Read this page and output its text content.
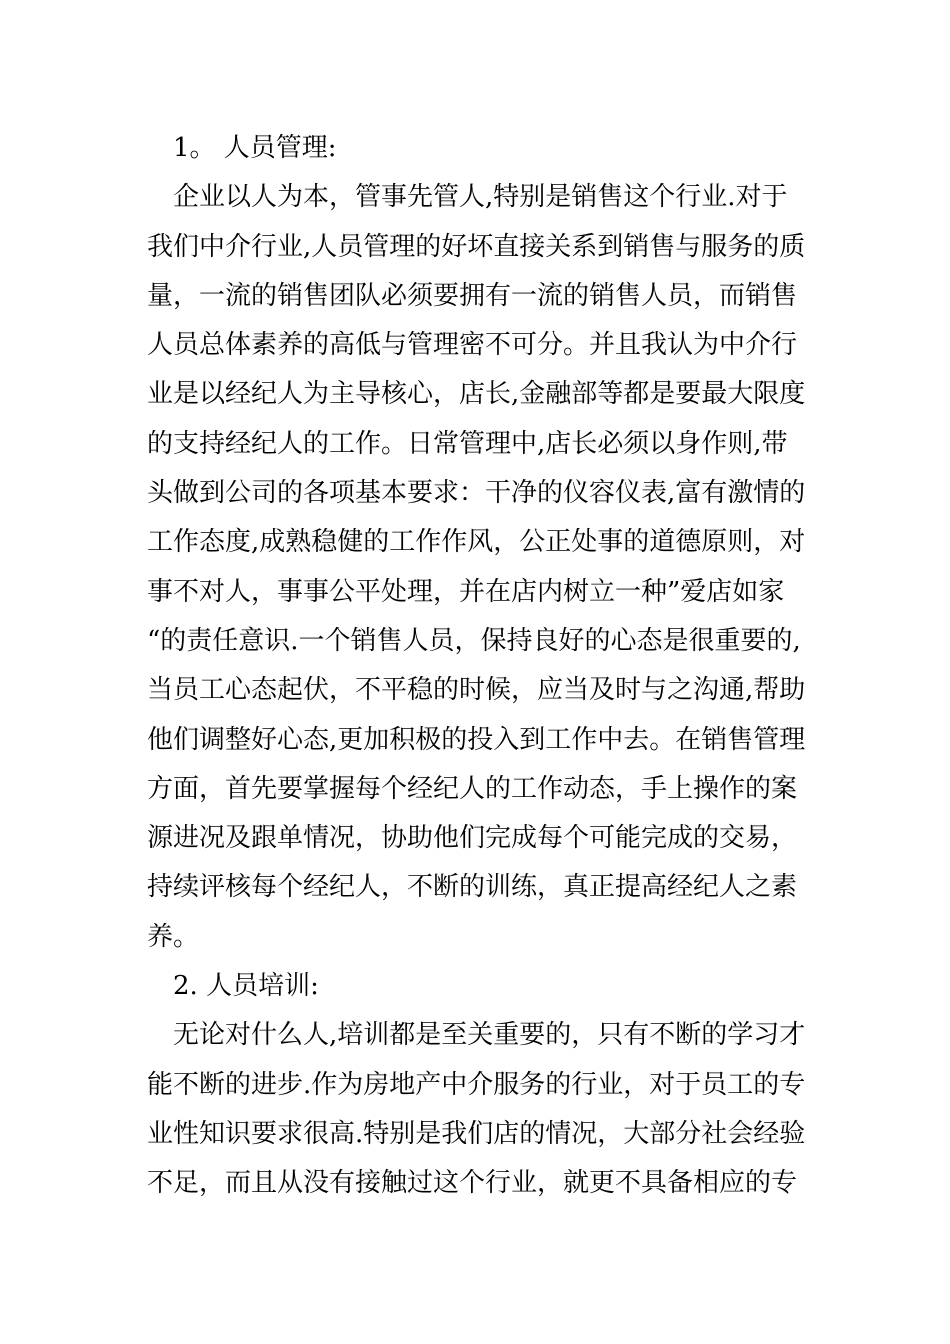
1。 人员管理:
企业以人为本，管事先管人,特别是销售这个行业.对于
我们中介行业,人员管理的好坏直接关系到销售与服务的质
量，一流的销售团队必须要拥有一流的销售人员，而销售
人员总体素养的高低与管理密不可分。并且我认为中介行
业是以经纪人为主导核心，店长,金融部等都是要最大限度
的支持经纪人的工作。日常管理中,店长必须以身作则,带
头做到公司的各项基本要求：干净的仪容仪表,富有激情的
工作态度,成熟稳健的工作作风，公正处事的道德原则，对
事不对人，事事公平处理，并在店内树立一种”爱店如家
“的责任意识.一个销售人员，保持良好的心态是很重要的,
当员工心态起伏，不平稳的时候，应当及时与之沟通,帮助
他们调整好心态,更加积极的投入到工作中去。在销售管理
方面，首先要掌握每个经纪人的工作动态，手上操作的案
源进况及跟单情况，协助他们完成每个可能完成的交易，
持续评核每个经纪人，不断的训练，真正提高经纪人之素
养。
2. 人员培训:
无论对什么人,培训都是至关重要的，只有不断的学习才
能不断的进步.作为房地产中介服务的行业，对于员工的专
业性知识要求很高.特别是我们店的情况，大部分社会经验
不足，而且从没有接触过这个行业，就更不具备相应的专
